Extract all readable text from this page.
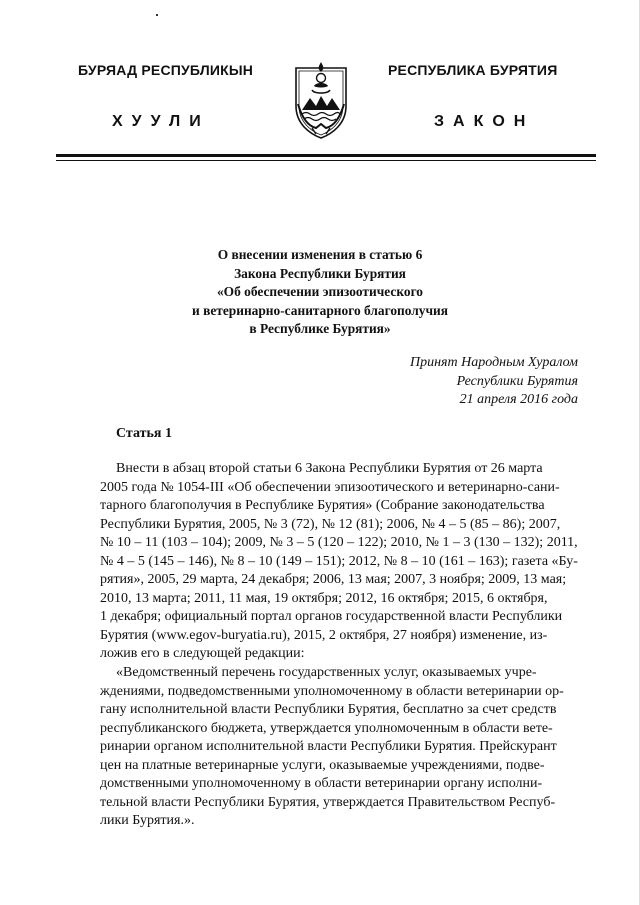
БУРЯАД РЕСПУБЛИКЫН
ХУУЛИ
РЕСПУБЛИКА БУРЯТИЯ
ЗАКОН
О внесении изменения в статью 6
Закона Республики Бурятия
«Об обеспечении эпизоотического
и ветеринарно-санитарного благополучия
в Республике Бурятия»
Принят Народным Хуралом
Республики Бурятия
21 апреля 2016 года
Статья 1
Внести в абзац второй статьи 6 Закона Республики Бурятия от 26 марта
2005 года № 1054-III «Об обеспечении эпизоотического и ветеринарно-сани-
тарного благополучия в Республике Бурятия» (Собрание законодательства
Республики Бурятия, 2005, № 3 (72), № 12 (81); 2006, № 4 – 5 (85 – 86); 2007,
№ 10 – 11 (103 – 104); 2009, № 3 – 5 (120 – 122); 2010, № 1 – 3 (130 – 132); 2011,
№ 4 – 5 (145 – 146), № 8 – 10 (149 – 151); 2012, № 8 – 10 (161 – 163); газета «Бу-
рятия», 2005, 29 марта, 24 декабря; 2006, 13 мая; 2007, 3 ноября; 2009, 13 мая;
2010, 13 марта; 2011, 11 мая, 19 октября; 2012, 16 октября; 2015, 6 октября,
1 декабря; официальный портал органов государственной власти Республики
Бурятия (www.egov-buryatia.ru), 2015, 2 октября, 27 ноября) изменение, из-
ложив его в следующей редакции:
«Ведомственный перечень государственных услуг, оказываемых учре-
ждениями, подведомственными уполномоченному в области ветеринарии ор-
гану исполнительной власти Республики Бурятия, бесплатно за счет средств
республиканского бюджета, утверждается уполномоченным в области вете-
ринарии органом исполнительной власти Республики Бурятия. Прейскурант
цен на платные ветеринарные услуги, оказываемые учреждениями, подве-
домственными уполномоченному в области ветеринарии органу исполни-
тельной власти Республики Бурятия, утверждается Правительством Респуб-
лики Бурятия.».
